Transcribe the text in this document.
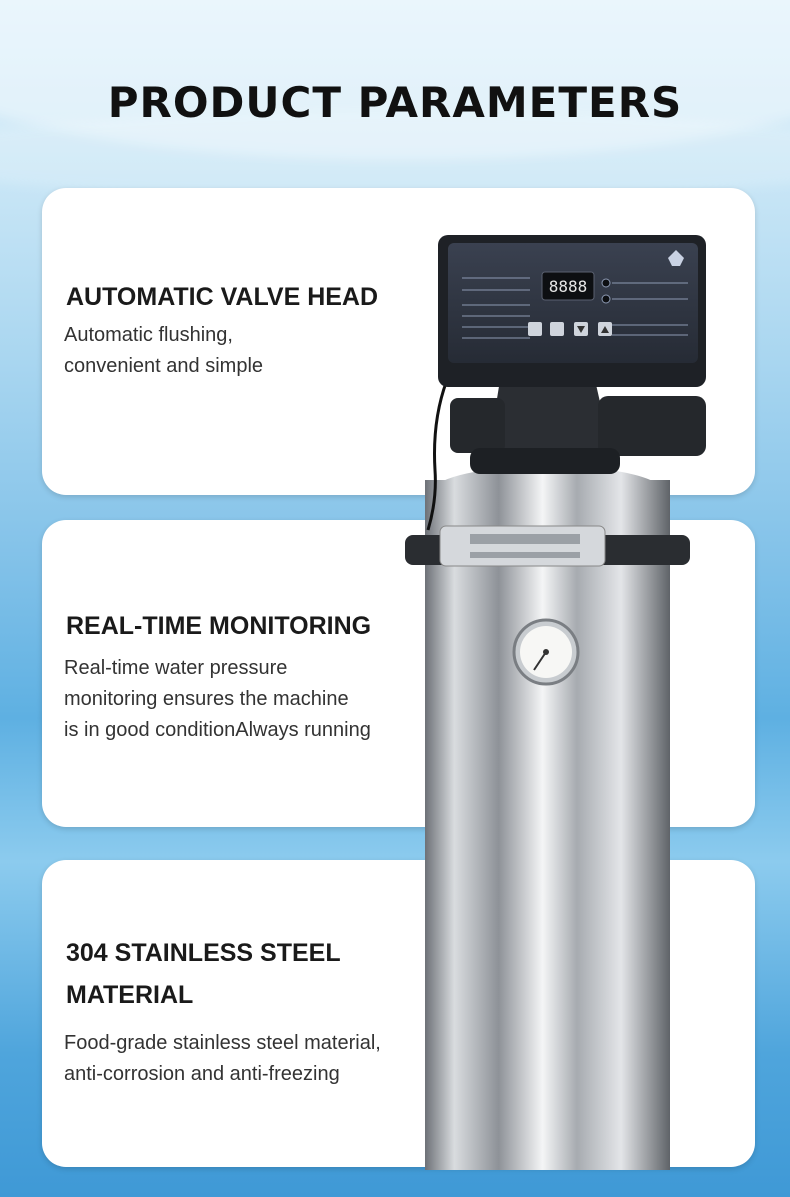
PRODUCT PARAMETERS
AUTOMATIC VALVE HEAD
Automatic flushing,
convenient and simple
REAL-TIME MONITORING
Real-time water pressure
monitoring ensures the machine
is in good conditionAlways running
304 STAINLESS STEEL
MATERIAL
Food-grade stainless steel material,
anti-corrosion and anti-freezing
8888
